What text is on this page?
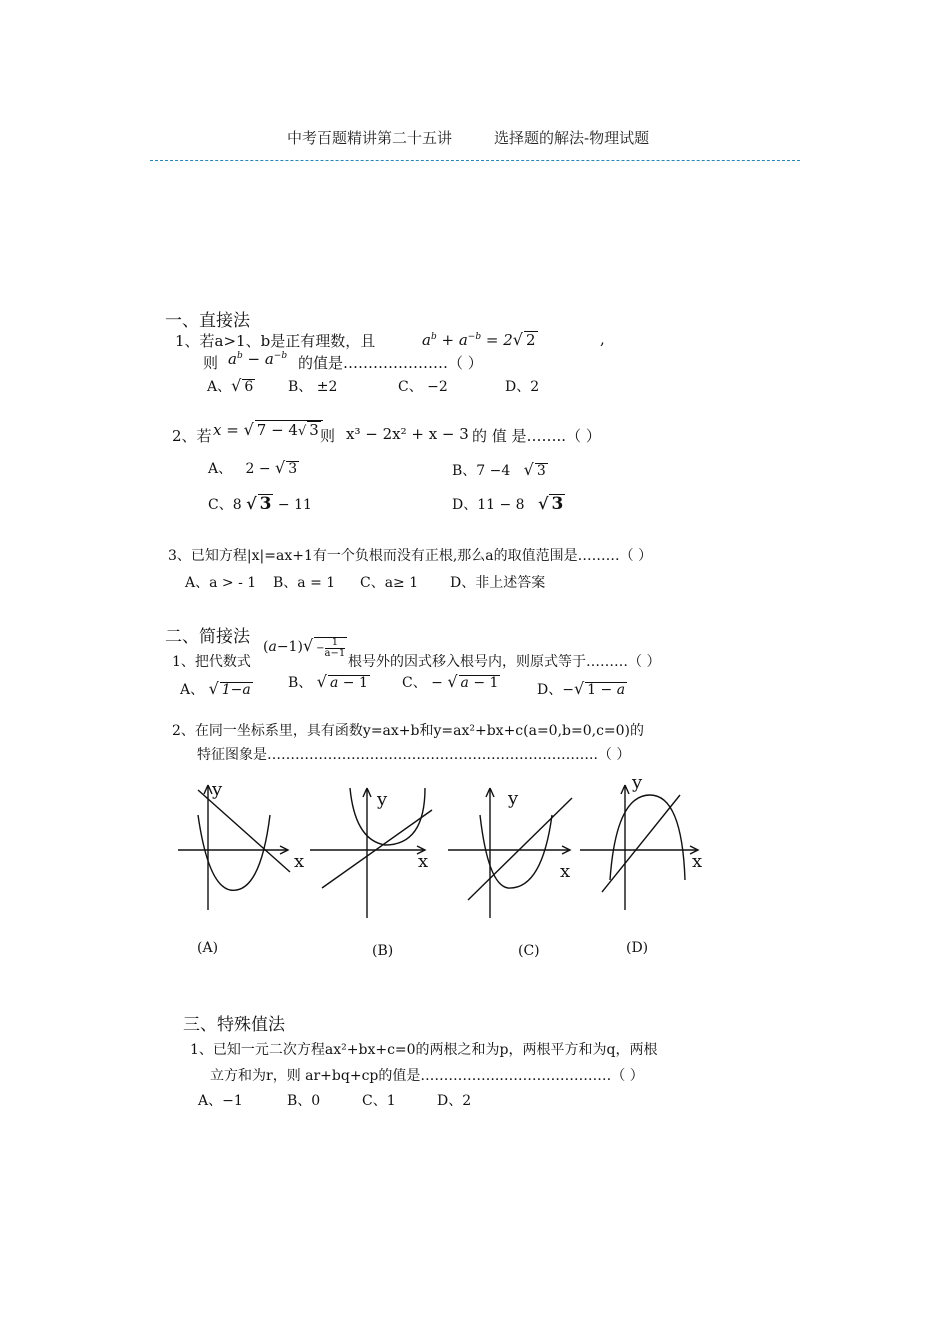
中考百题精讲第二十五讲	选择题的解法-物理试题
一、直接法
1、若a>1、b是正有理数，且	$a^b + a^{-b} = 2√$ 2	,
则 $a^b - a^{-b}$ 的值是…………………（ ）
A、√ 6 B、 ±2	C、 −2	D、2
2、若 x = √ 7 − 4√ 3 则 x³ − 2x² + x − 3 的 值 是……..（ ）
A、   2 − √ 3	B、7 −4   √ 3
C、8 √ 3 − 11	D、11 − 8   √ 3
3、已知方程|x|=ax+1有一个负根而没有正根,那么a的取值范围是………（ ）
A、a > - 1 B、a = 1 C、a≥ 1 D、非上述答案
二、简接法
1、把代数式
$(a-1)√ - \frac{1}{a-1}$
根号外的因式移入根号内，则原式等于………（ ）
A、 √ 1−a	B、 √ a − 1 C、 − √ a − 1	D、−√ 1 − a
2、在同一坐标系里，具有函数y=ax+b和y=ax²+bx+c(a=0,b=0,c=0)的
特征图象是……………………………………………………………..（ ）
y
x
y
x
y
x
y
x
(A)	(B)	(C)	(D)
三、特殊值法
1、已知一元二次方程ax²+bx+c=0的两根之和为p，两根平方和为q，两根
立方和为r，则 ar+bq+cp的值是……………..……………………（ ）
A、−1	B、0	C、1	D、2
